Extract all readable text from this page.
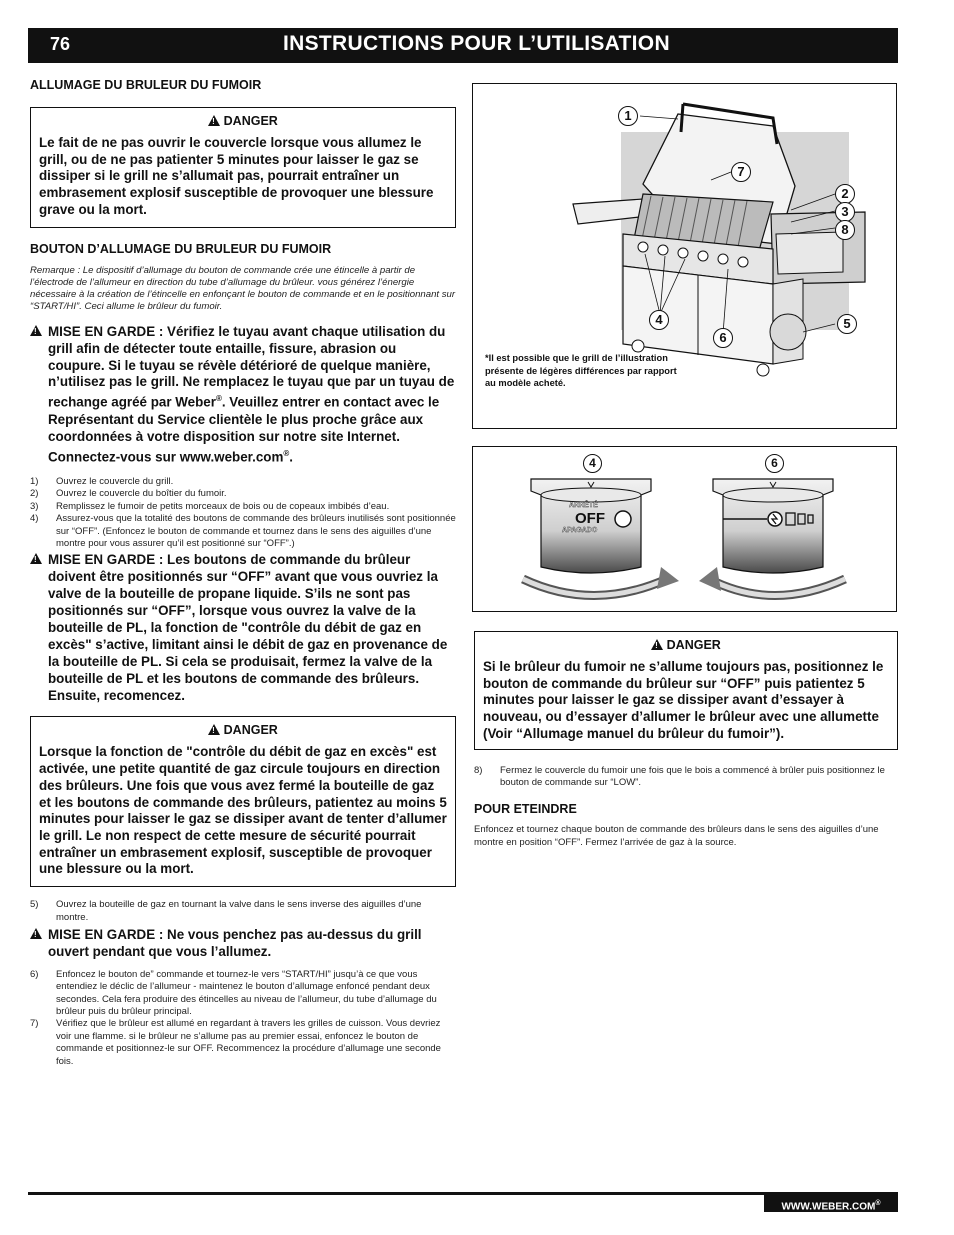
76	INSTRUCTIONS POUR L’UTILISATION
ALLUMAGE DU BRULEUR DU FUMOIR
! DANGER
Le fait de ne pas ouvrir le couvercle lorsque vous allumez le grill, ou de ne pas patienter 5 minutes pour laisser le gaz se dissiper si le grill ne s’allumait pas, pourrait entraîner un embrasement explosif susceptible de provoquer une blessure grave ou la mort.
BOUTON D’ALLUMAGE DU BRULEUR DU FUMOIR
Remarque : Le dispositif d’allumage du bouton de commande crée une étincelle à partir de l’électrode de l’allumeur en direction du tube d’allumage du brûleur. vous générez l’énergie nécessaire à la création de l’étincelle en enfonçant le bouton de commande et en le positionnant sur “START/HI”. Ceci allume le brûleur du fumoir.
!
MISE EN GARDE : Vérifiez le tuyau avant chaque utilisation du grill afin de détecter toute entaille, fissure, abrasion ou coupure. Si le tuyau se révèle détérioré de quelque manière, n’utilisez pas le grill. Ne remplacez le tuyau que par un tuyau de rechange agréé par Weber®. Veuillez entrer en contact avec le Représentant du Service clientèle le plus proche grâce aux coordonnées à votre disposition sur notre site Internet. Connectez-vous sur www.weber.com®.
1) Ouvrez le couvercle du grill.
2) Ouvrez le couvercle du boîtier du fumoir.
3) Remplissez le fumoir de petits morceaux de bois ou de copeaux imbibés d’eau.
4) Assurez-vous que la totalité des boutons de commande des brûleurs inutilisés sont positionnée sur “OFF”. (Enfoncez le bouton de commande et tournez dans le sens des aiguilles d’une montre pour vous assurer qu’il est positionné sur “OFF”.)
!
MISE EN GARDE : Les boutons de commande du brûleur doivent être positionnés sur “OFF” avant que vous ouvriez la valve de la bouteille de propane liquide. S’ils ne sont pas positionnés sur “OFF”, lorsque vous ouvrez la valve de la bouteille de PL, la fonction de "contrôle du débit de gaz en excès" s’active, limitant ainsi le débit de gaz en provenance de la bouteille de PL. Si cela se produisait, fermez la valve de la bouteille de PL et les boutons de commande des brûleurs. Ensuite, recomencez.
! DANGER
Lorsque la fonction de "contrôle du débit de gaz en excès" est activée, une petite quantité de gaz circule toujours en direction des brûleurs. Une fois que vous avez fermé la bouteille de gaz et les boutons de commande des brûleurs, patientez au moins 5 minutes pour laisser le gaz se dissiper avant de tenter d’allumer le grill. Le non respect de cette mesure de sécurité pourrait entraîner un embrasement explosif, susceptible de provoquer une blessure ou la mort.
5) Ouvrez la bouteille de gaz en tournant la valve dans le sens inverse des aiguilles d’une montre.
!
MISE EN GARDE : Ne vous penchez pas au-dessus du grill ouvert pendant que vous l’allumez.
6) Enfoncez le bouton de” commande et tournez-le vers “START/HI” jusqu’à ce que vous entendiez le déclic de l’allumeur - maintenez le bouton d’allumage enfoncé pendant deux secondes. Cela fera produire des étincelles au niveau de l’allumeur, du tube d’allumage du brûleur puis du brûleur principal.
7) Vérifiez que le brûleur est allumé en regardant à travers les grilles de cuisson. Vous devriez voir une flamme. si le brûleur ne s’allume pas au premier essai, enfoncez le bouton de commande et positionnez-le sur OFF. Recommencez la procédure d’allumage une seconde fois.
1
7
2
3
8
4
6
5
*Il est possible que le grill de l’illustration présente de légères différences par rapport au modèle acheté.
4	6
ARRÊTÉ
OFF
APAGADO
! DANGER
Si le brûleur du fumoir ne s’allume toujours pas, positionnez le bouton de commande du brûleur sur “OFF” puis patientez 5 minutes pour laisser le gaz se dissiper avant d’essayer à nouveau, ou d’essayer d’allumer le brûleur avec une allumette (Voir “Allumage manuel du brûleur du fumoir”).
8) Fermez le couvercle du fumoir une fois que le bois a commencé à brûler puis positionnez le bouton de commande sur “LOW”.
POUR ETEINDRE
Enfoncez et tournez chaque bouton de commande des brûleurs dans le sens des aiguilles d’une montre en position “OFF”. Fermez l’arrivée de gaz à la source.
WWW.WEBER.COM®
